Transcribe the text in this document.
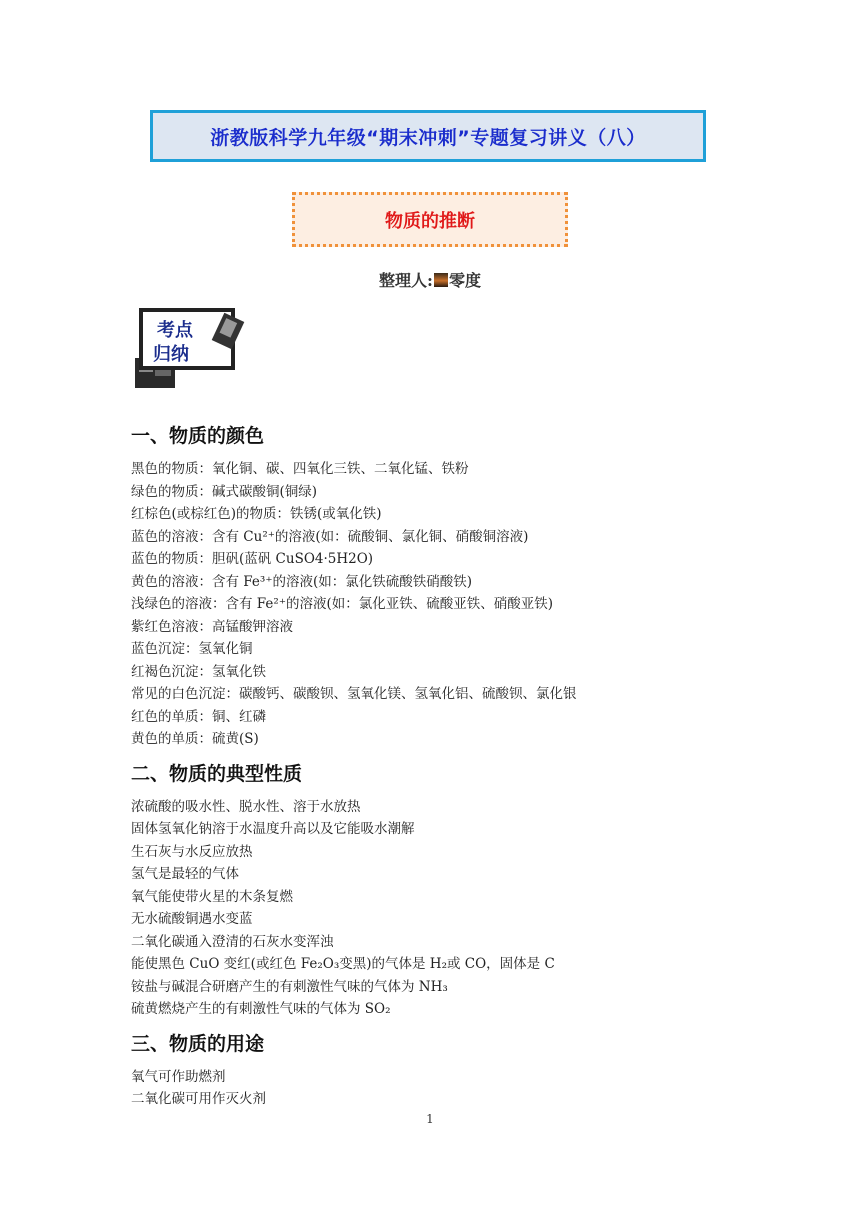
浙教版科学九年级“期末冲刺”专题复习讲义（八）
物质的推断
整理人: 零度
考点
归纳
一、物质的颜色
黑色的物质：氧化铜、碳、四氧化三铁、二氧化锰、铁粉
绿色的物质：碱式碳酸铜(铜绿)
红棕色(或棕红色)的物质：铁锈(或氧化铁)
蓝色的溶液：含有 Cu²⁺的溶液(如：硫酸铜、氯化铜、硝酸铜溶液)
蓝色的物质：胆矾(蓝矾 CuSO4·5H2O)
黄色的溶液：含有 Fe³⁺的溶液(如：氯化铁硫酸铁硝酸铁)
浅绿色的溶液：含有 Fe²⁺的溶液(如：氯化亚铁、硫酸亚铁、硝酸亚铁)
紫红色溶液：高锰酸钾溶液
蓝色沉淀：氢氧化铜
红褐色沉淀：氢氧化铁
常见的白色沉淀：碳酸钙、碳酸钡、氢氧化镁、氢氧化铝、硫酸钡、氯化银
红色的单质：铜、红磷
黄色的单质：硫黄(S)
二、物质的典型性质
浓硫酸的吸水性、脱水性、溶于水放热
固体氢氧化钠溶于水温度升高以及它能吸水潮解
生石灰与水反应放热
氢气是最轻的气体
氧气能使带火星的木条复燃
无水硫酸铜遇水变蓝
二氧化碳通入澄清的石灰水变浑浊
能使黑色 CuO 变红(或红色 Fe₂O₃变黑)的气体是 H₂或 CO，固体是 C
铵盐与碱混合研磨产生的有刺激性气味的气体为 NH₃
硫黄燃烧产生的有刺激性气味的气体为 SO₂
三、物质的用途
氧气可作助燃剂
二氧化碳可用作灭火剂
1
